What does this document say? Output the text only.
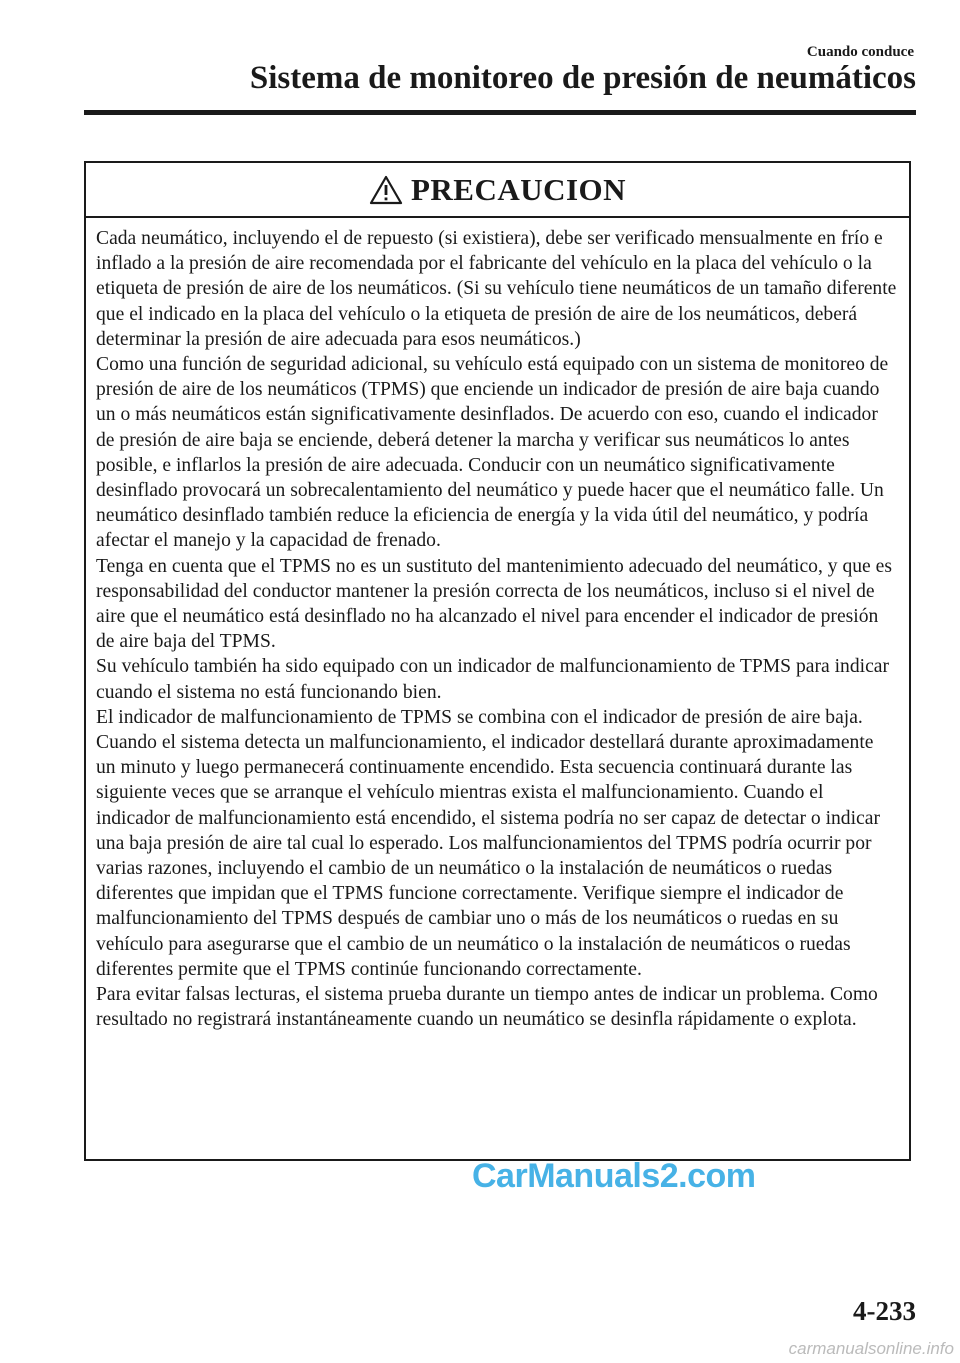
Cuando conduce
Sistema de monitoreo de presión de neumáticos
PRECAUCION

Cada neumático, incluyendo el de repuesto (si existiera), debe ser verificado mensualmente en frío e inflado a la presión de aire recomendada por el fabricante del vehículo en la placa del vehículo o la etiqueta de presión de aire de los neumáticos. (Si su vehículo tiene neumáticos de un tamaño diferente que el indicado en la placa del vehículo o la etiqueta de presión de aire de los neumáticos, deberá determinar la presión de aire adecuada para esos neumáticos.)

Como una función de seguridad adicional, su vehículo está equipado con un sistema de monitoreo de presión de aire de los neumáticos (TPMS) que enciende un indicador de presión de aire baja cuando un o más neumáticos están significativamente desinflados. De acuerdo con eso, cuando el indicador de presión de aire baja se enciende, deberá detener la marcha y verificar sus neumáticos lo antes posible, e inflarlos la presión de aire adecuada. Conducir con un neumático significativamente desinflado provocará un sobrecalentamiento del neumático y puede hacer que el neumático falle. Un neumático desinflado también reduce la eficiencia de energía y la vida útil del neumático, y podría afectar el manejo y la capacidad de frenado.

Tenga en cuenta que el TPMS no es un sustituto del mantenimiento adecuado del neumático, y que es responsabilidad del conductor mantener la presión correcta de los neumáticos, incluso si el nivel de aire que el neumático está desinflado no ha alcanzado el nivel para encender el indicador de presión de aire baja del TPMS.

Su vehículo también ha sido equipado con un indicador de malfuncionamiento de TPMS para indicar cuando el sistema no está funcionando bien.

El indicador de malfuncionamiento de TPMS se combina con el indicador de presión de aire baja. Cuando el sistema detecta un malfuncionamiento, el indicador destellará durante aproximadamente un minuto y luego permanecerá continuamente encendido. Esta secuencia continuará durante las siguiente veces que se arranque el vehículo mientras exista el malfuncionamiento. Cuando el indicador de malfuncionamiento está encendido, el sistema podría no ser capaz de detectar o indicar una baja presión de aire tal cual lo esperado. Los malfuncionamientos del TPMS podría ocurrir por varias razones, incluyendo el cambio de un neumático o la instalación de neumáticos o ruedas diferentes que impidan que el TPMS funcione correctamente. Verifique siempre el indicador de malfuncionamiento del TPMS después de cambiar uno o más de los neumáticos o ruedas en su vehículo para asegurarse que el cambio de un neumático o la instalación de neumáticos o ruedas diferentes permite que el TPMS continúe funcionando correctamente.

Para evitar falsas lecturas, el sistema prueba durante un tiempo antes de indicar un problema. Como resultado no registrará instantáneamente cuando un neumático se desinfla rápidamente o explota.

CarManuals2.com
4-233
carmanualsonline.info
